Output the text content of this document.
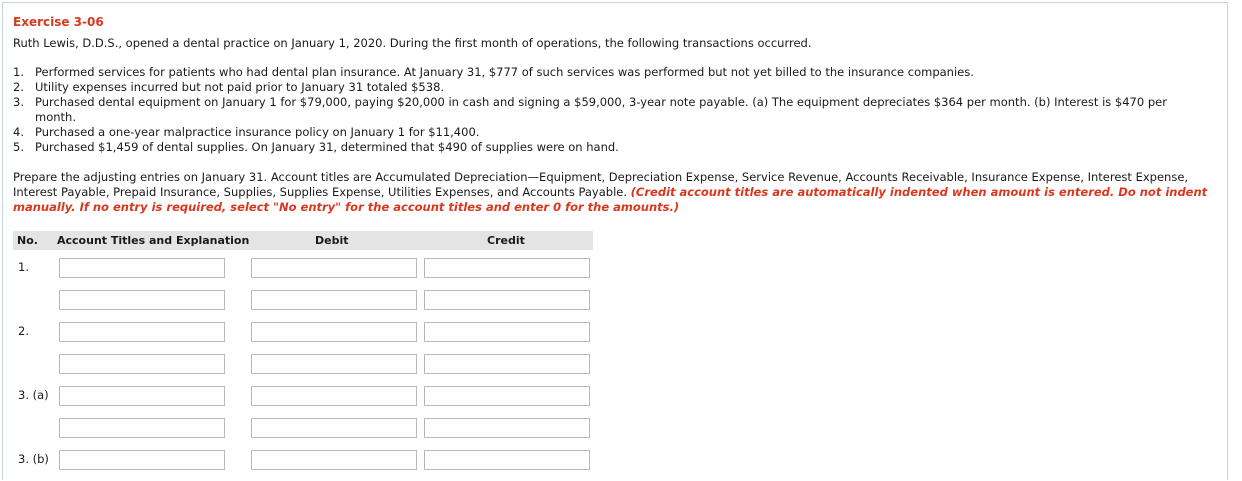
Exercise 3-06
Ruth Lewis, D.D.S., opened a dental practice on January 1, 2020. During the first month of operations, the following transactions occurred.
1. Performed services for patients who had dental plan insurance. At January 31, $777 of such services was performed but not yet billed to the insurance companies.
2. Utility expenses incurred but not paid prior to January 31 totaled $538.
3. Purchased dental equipment on January 1 for $79,000, paying $20,000 in cash and signing a $59,000, 3-year note payable. (a) The equipment depreciates $364 per month. (b) Interest is $470 per month.
4. Purchased a one-year malpractice insurance policy on January 1 for $11,400.
5. Purchased $1,459 of dental supplies. On January 31, determined that $490 of supplies were on hand.
Prepare the adjusting entries on January 31. Account titles are Accumulated Depreciation—Equipment, Depreciation Expense, Service Revenue, Accounts Receivable, Insurance Expense, Interest Expense, Interest Payable, Prepaid Insurance, Supplies, Supplies Expense, Utilities Expenses, and Accounts Payable. (Credit account titles are automatically indented when amount is entered. Do not indent manually. If no entry is required, select "No entry" for the account titles and enter 0 for the amounts.)
No. Account Titles and Explanation	Debit	Credit
1.
2.
3. (a)
3. (b)
